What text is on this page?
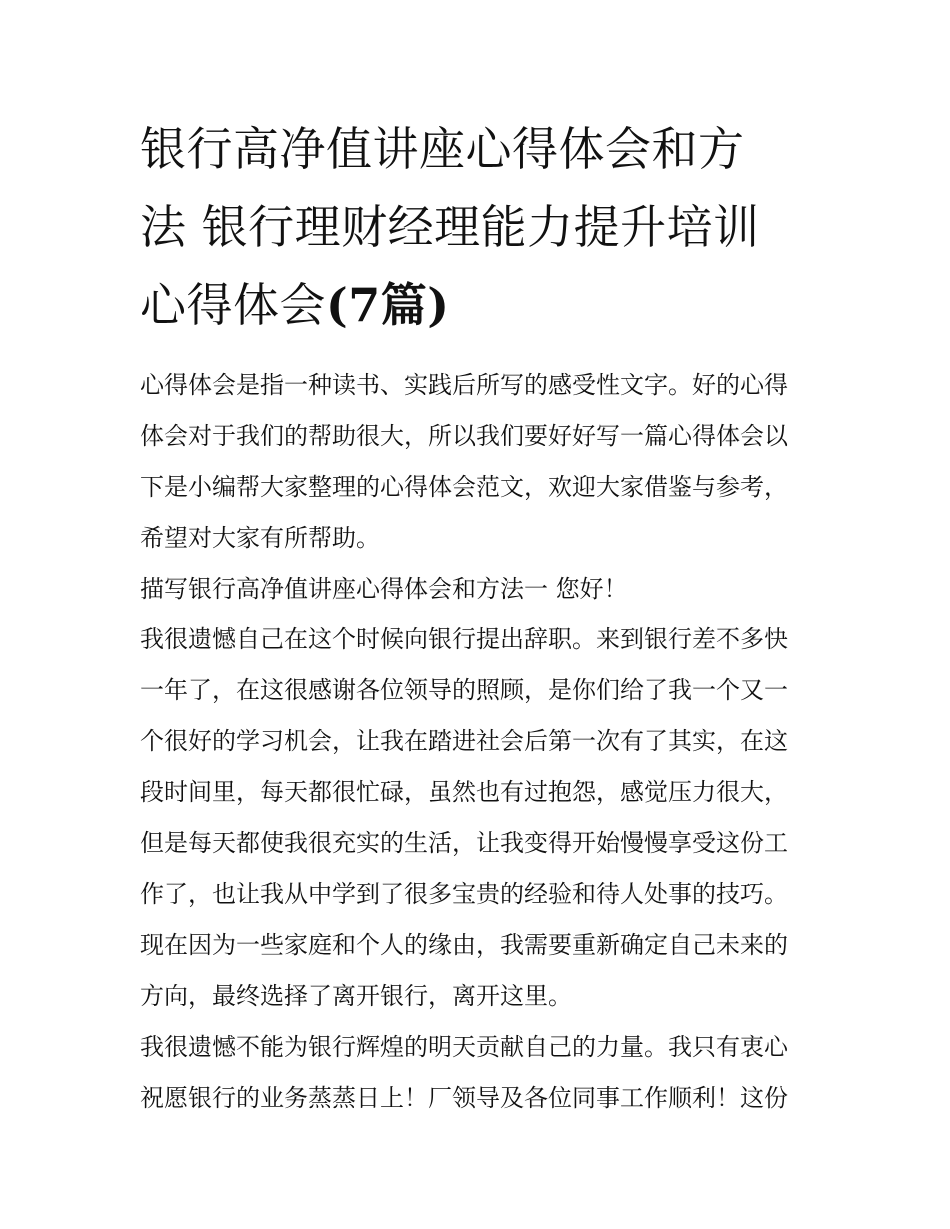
银行高净值讲座心得体会和方
法 银行理财经理能力提升培训
心得体会(7篇)

心得体会是指一种读书、实践后所写的感受性文字。好的心得
体会对于我们的帮助很大，所以我们要好好写一篇心得体会以
下是小编帮大家整理的心得体会范文，欢迎大家借鉴与参考，
希望对大家有所帮助。

描写银行高净值讲座心得体会和方法一 您好！

我很遗憾自己在这个时候向银行提出辞职。来到银行差不多快
一年了，在这很感谢各位领导的照顾，是你们给了我一个又一
个很好的学习机会，让我在踏进社会后第一次有了其实，在这
段时间里，每天都很忙碌，虽然也有过抱怨，感觉压力很大，
但是每天都使我很充实的生活，让我变得开始慢慢享受这份工
作了，也让我从中学到了很多宝贵的经验和待人处事的技巧。
现在因为一些家庭和个人的缘由，我需要重新确定自己未来的
方向，最终选择了离开银行，离开这里。

我很遗憾不能为银行辉煌的明天贡献自己的力量。我只有衷心
祝愿银行的业务蒸蒸日上！厂领导及各位同事工作顺利！这份
